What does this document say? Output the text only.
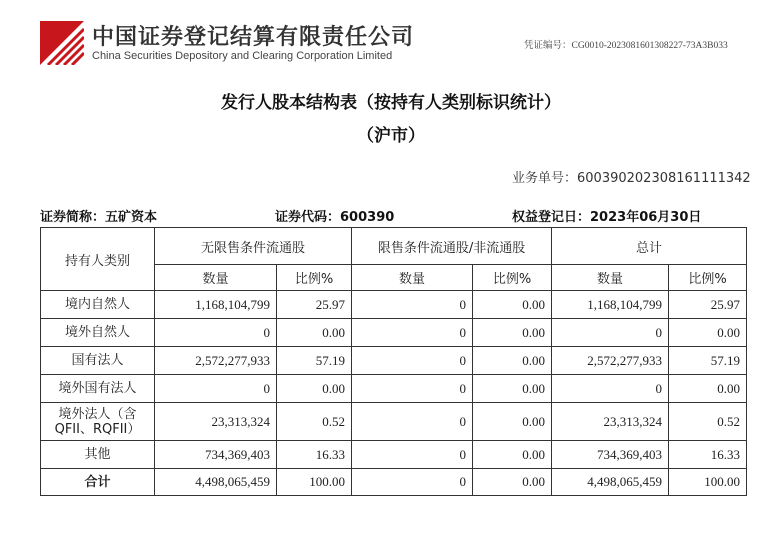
中国证券登记结算有限责任公司
China Securities Depository and Clearing Corporation Limited
凭证编号：CG0010-2023081601308227-73A3B033
发行人股本结构表（按持有人类别标识统计）
（沪市）
业务单号：600390202308161111342
证券简称：五矿资本	证券代码：600390	权益登记日：2023年06月30日
持有人类别	无限售条件流通股		限售条件流通股/非流通股		总计	
	数量	比例%	数量	比例%	数量	比例%
境内自然人	1,168,104,799	25.97	0	0.00	1,168,104,799	25.97
境外自然人	0	0.00	0	0.00	0	0.00
国有法人	2,572,277,933	57.19	0	0.00	2,572,277,933	57.19
境外国有法人	0	0.00	0	0.00	0	0.00
境外法人（含
QFII、RQFII）	23,313,324	0.52	0	0.00	23,313,324	0.52
其他	734,369,403	16.33	0	0.00	734,369,403	16.33
合计	4,498,065,459	100.00	0	0.00	4,498,065,459	100.00
